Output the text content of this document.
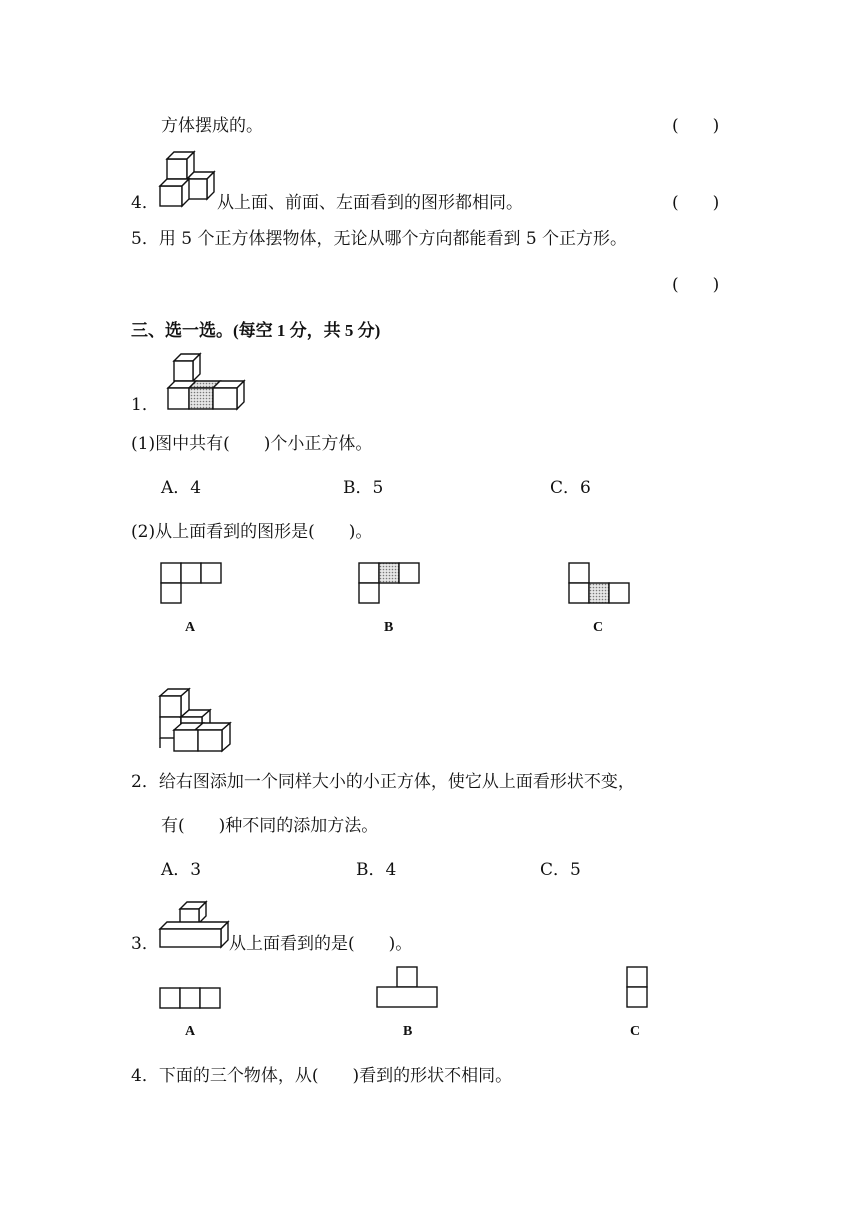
方体摆成的。	(　　)
4．	从上面、前面、左面看到的图形都相同。	(　　)
5．用 5 个正方体摆物体，无论从哪个方向都能看到 5 个正方形。
(　　)
三、选一选。(每空 1 分，共 5 分)
1．
(1)图中共有(　　)个小正方体。
A．4	B．5	C．6
(2)从上面看到的图形是(　　)。
A	B	C
2．给右图添加一个同样大小的小正方体，使它从上面看形状不变，
有(　　)种不同的添加方法。
A．3	B．4	C．5
3．	从上面看到的是(　　)。
A	B	C
4．下面的三个物体，从(　　)看到的形状不相同。
